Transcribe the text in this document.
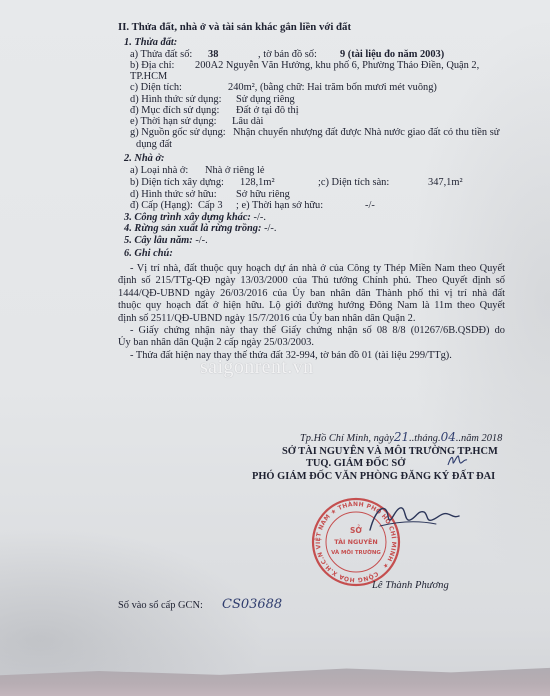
II. Thửa đất, nhà ở và tài sản khác gắn liền với đất
1. Thửa đất:
a) Thửa đất số: 38	, tờ bản đồ số: 9 (tài liệu đo năm 2003)
b) Địa chỉ: 200A2 Nguyễn Văn Hưởng, khu phố 6, Phường Thảo Điền, Quận 2,
TP.HCM
c) Diện tích:	240m², (bằng chữ: Hai trăm bốn mươi mét vuông)
d) Hình thức sử dụng: Sử dụng riêng
đ) Mục đích sử dụng: Đất ở tại đô thị
e) Thời hạn sử dụng: Lâu dài
g) Nguồn gốc sử dụng: Nhận chuyển nhượng đất được Nhà nước giao đất có thu tiền sử
dụng đất
2. Nhà ở:
a) Loại nhà ở: Nhà ở riêng lẻ
b) Diện tích xây dựng: 128,1m²	;c) Diện tích sàn:	347,1m²
d) Hình thức sở hữu: Sở hữu riêng
đ) Cấp (Hạng): Cấp 3 ; e) Thời hạn sở hữu:	-/-
3. Công trình xây dựng khác: -/-.
4. Rừng sản xuất là rừng trồng: -/-.
5. Cây lâu năm: -/-.
6. Ghi chú:
- Vị trí nhà, đất thuộc quy hoạch dự án nhà ở của Công ty Thép Miền Nam theo Quyết
định số 215/TTg-QĐ ngày 13/03/2000 của Thủ tướng Chính phủ. Theo Quyết định số
1444/QĐ-UBND ngày 26/03/2016 của Ủy ban nhân dân Thành phố thì vị trí nhà đất
thuộc quy hoạch đất ở hiện hữu. Lộ giới đường hướng Đông Nam là 11m theo Quyết
định số 2511/QĐ-UBND ngày 15/7/2016 của Ủy ban nhân dân Quận 2.
- Giấy chứng nhận này thay thế Giấy chứng nhận số 08 8/8 (01267/6B.QSDĐ) do
Ủy ban nhân dân Quận 2 cấp ngày 25/03/2003.
- Thửa đất hiện nay thay thế thửa đất 32-994, tờ bản đồ 01 (tài liệu 299/TTg).
saigonrent.vn
Tp.Hồ Chí Minh, ngày21..tháng.04..năm 2018
SỞ TÀI NGUYÊN VÀ MÔI TRƯỜNG TP.HCM
TUQ. GIÁM ĐỐC SỞ
PHÓ GIÁM ĐỐC VĂN PHÒNG ĐĂNG KÝ ĐẤT ĐAI
CỘNG HÒA X.H.C.N VIỆT NAM ★ THÀNH PHỐ HỒ CHÍ MINH ★
SỞ
TÀI NGUYÊN
VÀ MÔI TRƯỜNG
Lê Thành Phương
Số vào sổ cấp GCN: CS03688
